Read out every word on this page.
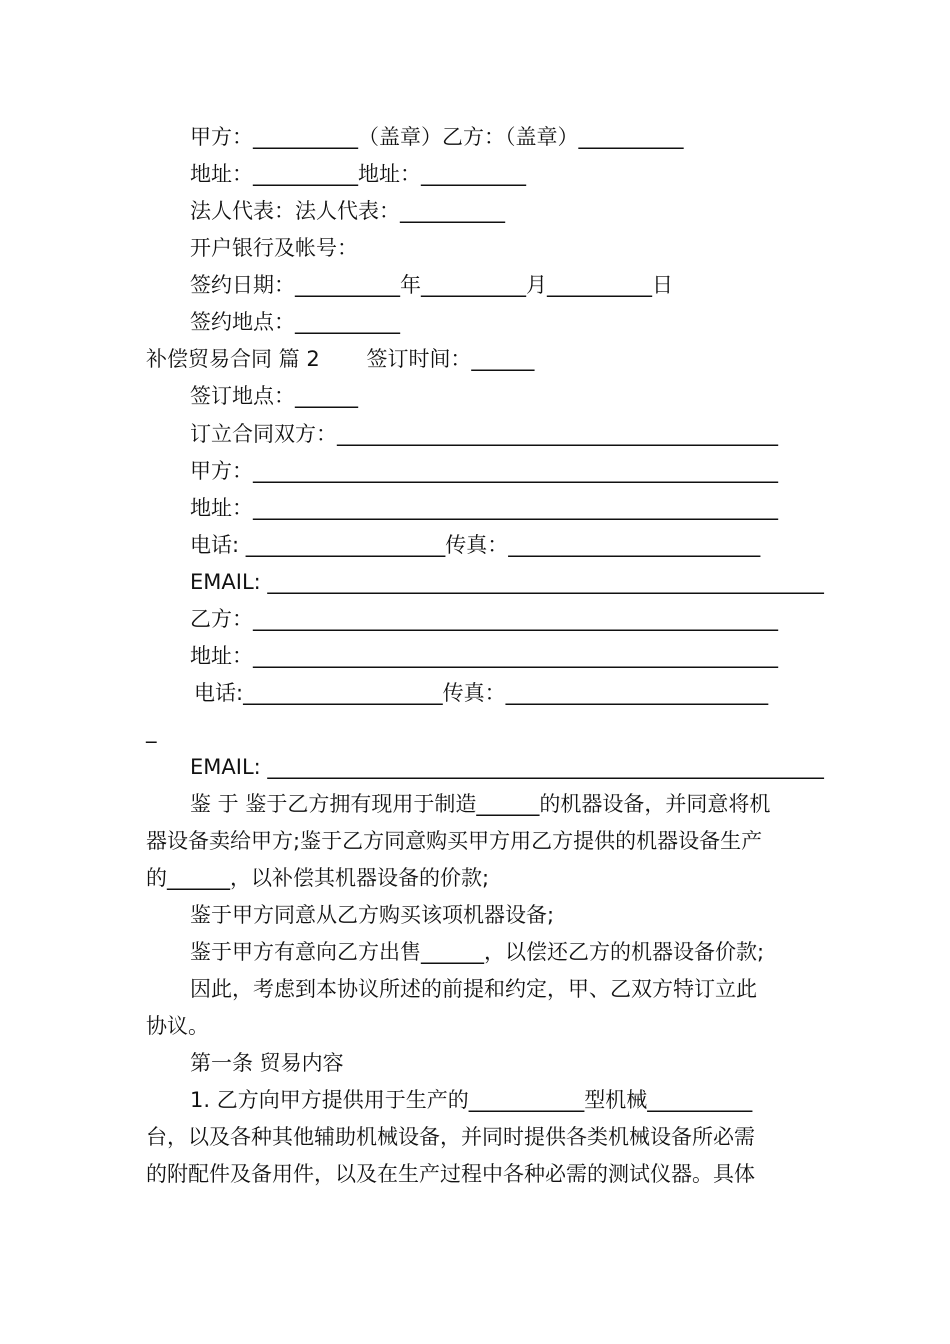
甲方：__________（盖章）乙方：（盖章）__________
地址：__________地址：__________
法人代表：法人代表：__________
开户银行及帐号：
签约日期：__________年__________月__________日
签约地点：__________
补偿贸易合同 篇 2       签订时间：______
签订地点：______
订立合同双方：__________________________________________
甲方：__________________________________________________
地址：__________________________________________________
电话: ___________________传真：________________________
EMAIL: _____________________________________________________
乙方：__________________________________________________
地址：__________________________________________________
电话:___________________传真：_________________________
_
EMAIL: _____________________________________________________
鉴 于 鉴于乙方拥有现用于制造______的机器设备，并同意将机
器设备卖给甲方;鉴于乙方同意购买甲方用乙方提供的机器设备生产
的______，以补偿其机器设备的价款;
鉴于甲方同意从乙方购买该项机器设备;
鉴于甲方有意向乙方出售______，以偿还乙方的机器设备价款;
因此，考虑到本协议所述的前提和约定，甲、乙双方特订立此
协议。
第一条 贸易内容
1. 乙方向甲方提供用于生产的___________型机械__________
台，以及各种其他辅助机械设备，并同时提供各类机械设备所必需
的附配件及备用件，以及在生产过程中各种必需的测试仪器。具体
